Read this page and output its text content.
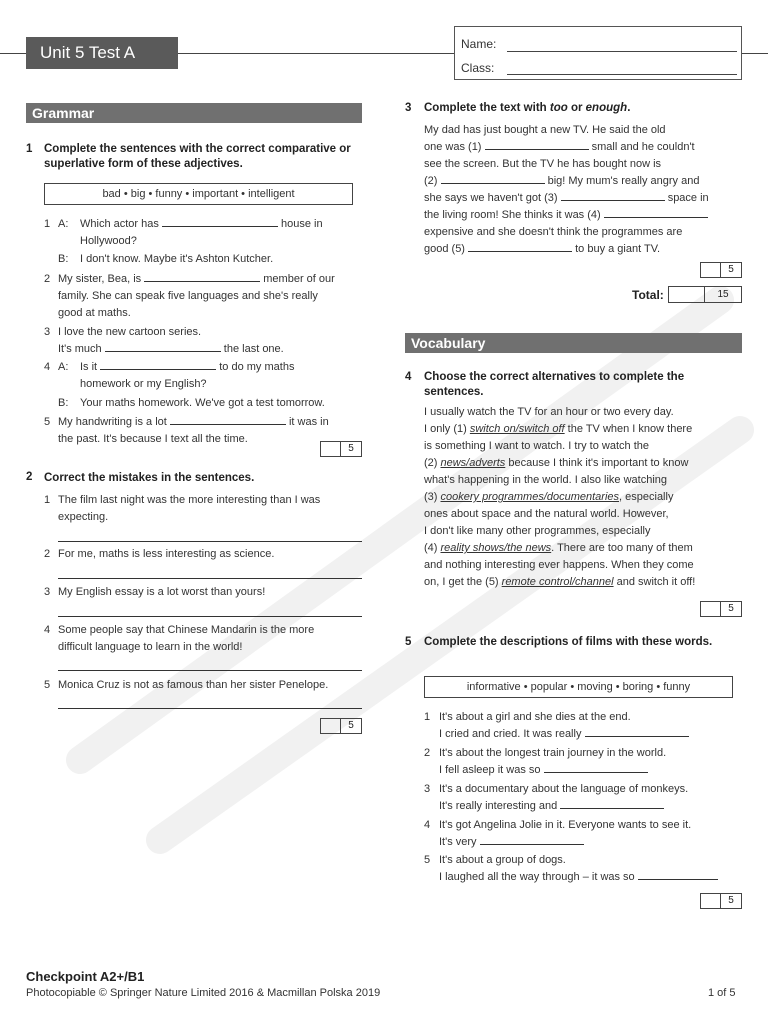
Unit 5 Test A	Name:
Class:
Grammar
1 Complete the sentences with the correct comparative or superlative form of these adjectives.
bad • big • funny • important • intelligent
1 A: Which actor has	house in
Hollywood?
B: I don't know. Maybe it's Ashton Kutcher.
2 My sister, Bea, is	member of our
family. She can speak five languages and she's really
good at maths.
3 I love the new cartoon series.
It's much	the last one.
4 A: Is it	to do my maths
homework or my English?
B: Your maths homework. We've got a test tomorrow.
5 My handwriting is a lot	it was in
the past. It's because I text all the time.
5
2 Correct the mistakes in the sentences.
1 The film last night was the more interesting than I was
expecting.
2 For me, maths is less interesting as science.
3 My English essay is a lot worst than yours!
4 Some people say that Chinese Mandarin is the more
difficult language to learn in the world!
5 Monica Cruz is not as famous than her sister Penelope.
5
3 Complete the text with too or enough.
My dad has just bought a new TV. He said the old
one was (1)	small and he couldn't
see the screen. But the TV he has bought now is
(2)	big! My mum's really angry and
she says we haven't got (3)	space in
the living room! She thinks it was (4)
expensive and she doesn't think the programmes are
good (5)	to buy a giant TV.
5
Total:	15
Vocabulary
4 Choose the correct alternatives to complete the sentences.
I usually watch the TV for an hour or two every day.
I only (1) switch on/switch off the TV when I know there
is something I want to watch. I try to watch the
(2) news/adverts because I think it's important to know
what's happening in the world. I also like watching
(3) cookery programmes/documentaries, especially
ones about space and the natural world. However,
I don't like many other programmes, especially
(4) reality shows/the news. There are too many of them
and nothing interesting ever happens. When they come
on, I get the (5) remote control/channel and switch it off!
5
5 Complete the descriptions of films with these words.
informative • popular • moving • boring • funny
1 It's about a girl and she dies at the end.
I cried and cried. It was really
2 It's about the longest train journey in the world.
I fell asleep it was so
3 It's a documentary about the language of monkeys.
It's really interesting and
4 It's got Angelina Jolie in it. Everyone wants to see it.
It's very
5 It's about a group of dogs.
I laughed all the way through – it was so
5
Checkpoint A2+/B1
Photocopiable © Springer Nature Limited 2016 & Macmillan Polska 2019	1 of 5
